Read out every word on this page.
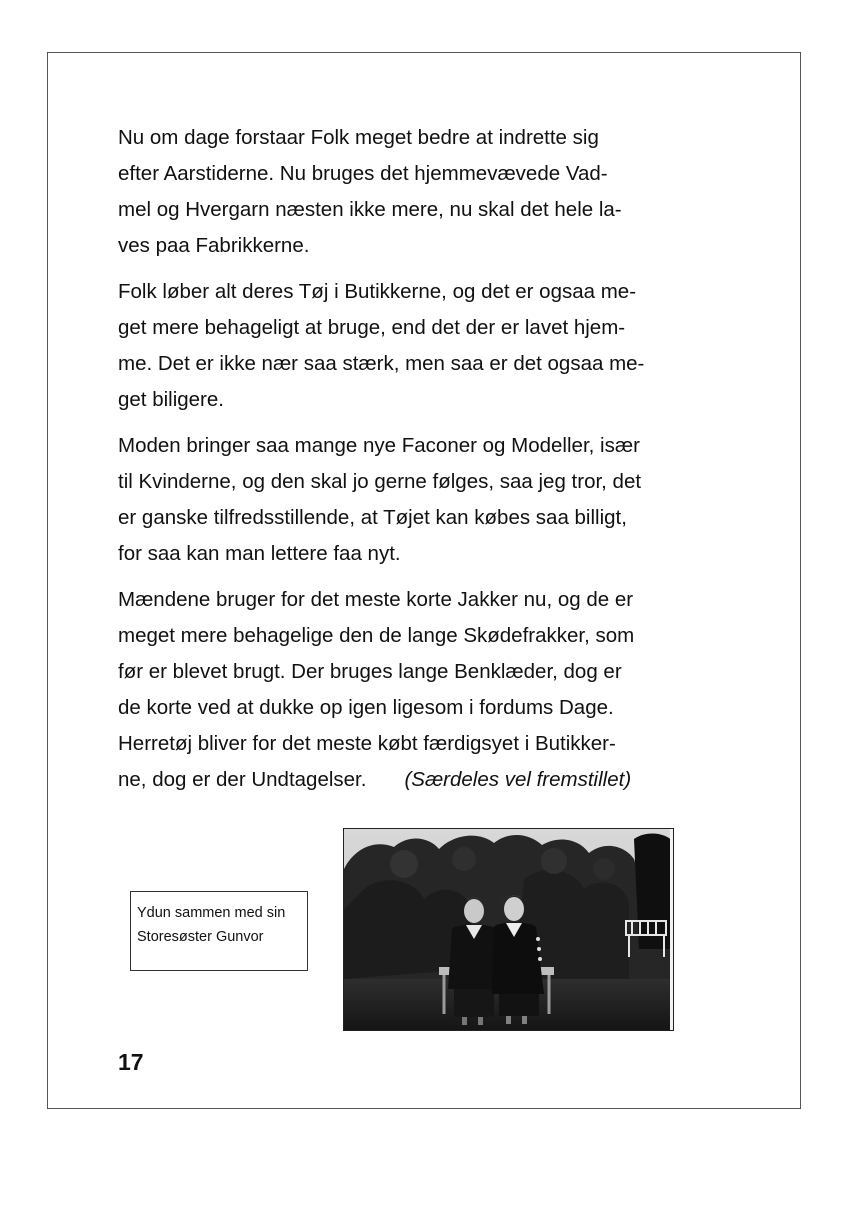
Nu om dage forstaar Folk meget bedre at indrette sig
efter Aarstiderne. Nu bruges det hjemmevævede Vad-
mel og Hvergarn næsten ikke mere, nu skal det hele la-
ves paa Fabrikkerne.

Folk løber alt deres Tøj i Butikkerne, og det er ogsaa me-
get mere behageligt at bruge, end det der er lavet hjem-
me. Det er ikke nær saa stærk, men saa er det ogsaa me-
get biligere.

Moden bringer saa mange nye Faconer og Modeller, især
til Kvinderne, og den skal jo gerne følges, saa jeg tror, det
er ganske tilfredsstillende, at Tøjet kan købes saa billigt,
for saa kan man lettere faa nyt.

Mændene bruger for det meste korte Jakker nu, og de er
meget mere behagelige den de lange Skødefrakker, som
før er blevet brugt. Der bruges lange Benklæder, dog er
de korte ved at dukke op igen ligesom i fordums Dage.
Herretøj bliver for det meste købt færdigsyet i Butikker-
ne, dog er der Undtagelser. (Særdeles vel fremstillet)

Ydun sammen med sin
Storesøster Gunvor
17
